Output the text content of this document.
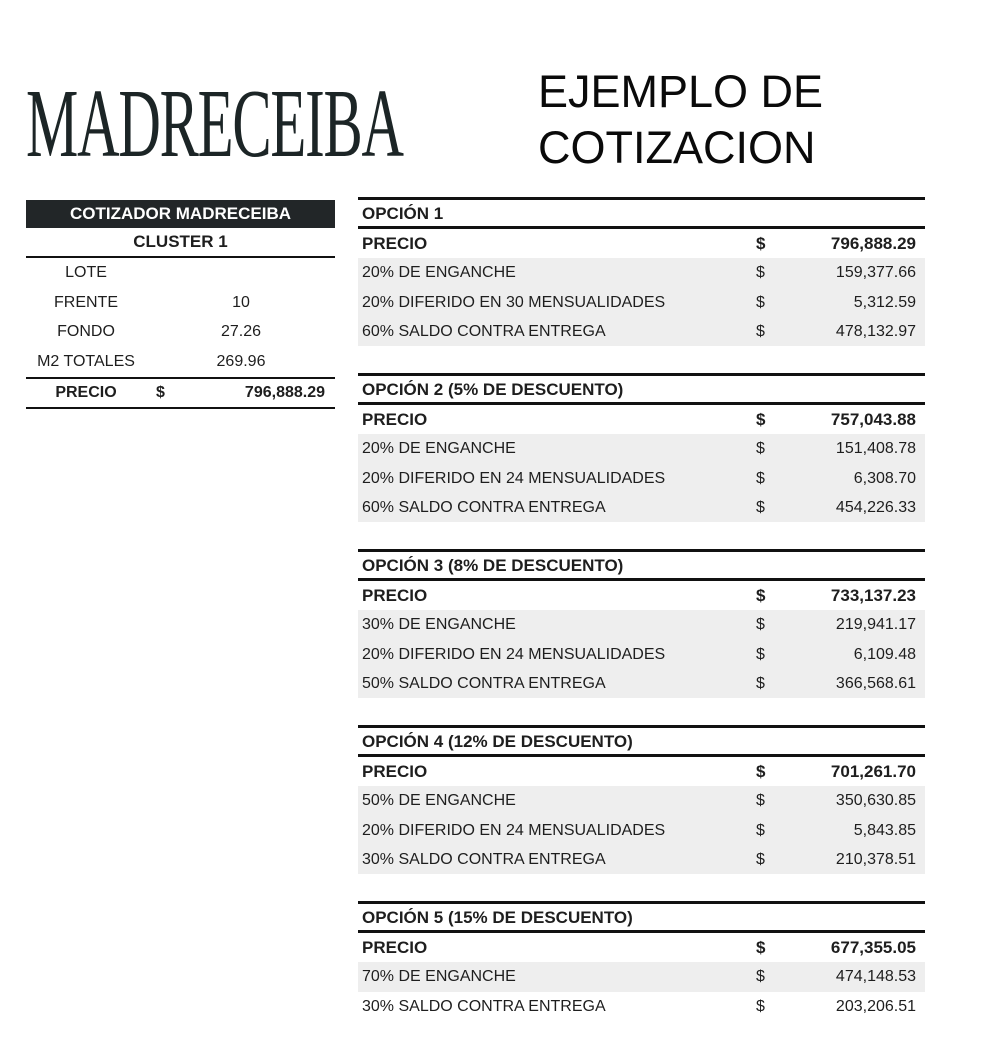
MADRECEIBA	EJEMPLO DE
COTIZACION
COTIZADOR MADRECEIBA
CLUSTER 1
LOTE
FRENTE	10
FONDO	27.26
M2 TOTALES	269.96
PRECIO	$	796,888.29
OPCIÓN 1
PRECIO	$	796,888.29
20% DE ENGANCHE	$	159,377.66
20% DIFERIDO EN 30 MENSUALIDADES	$	5,312.59
60% SALDO CONTRA ENTREGA	$	478,132.97
OPCIÓN 2 (5% DE DESCUENTO)
PRECIO	$	757,043.88
20% DE ENGANCHE	$	151,408.78
20% DIFERIDO EN 24 MENSUALIDADES	$	6,308.70
60% SALDO CONTRA ENTREGA	$	454,226.33
OPCIÓN 3 (8% DE DESCUENTO)
PRECIO	$	733,137.23
30% DE ENGANCHE	$	219,941.17
20% DIFERIDO EN 24 MENSUALIDADES	$	6,109.48
50% SALDO CONTRA ENTREGA	$	366,568.61
OPCIÓN 4 (12% DE DESCUENTO)
PRECIO	$	701,261.70
50% DE ENGANCHE	$	350,630.85
20% DIFERIDO EN 24 MENSUALIDADES	$	5,843.85
30% SALDO CONTRA ENTREGA	$	210,378.51
OPCIÓN 5 (15% DE DESCUENTO)
PRECIO	$	677,355.05
70% DE ENGANCHE	$	474,148.53
30% SALDO CONTRA ENTREGA	$	203,206.51
